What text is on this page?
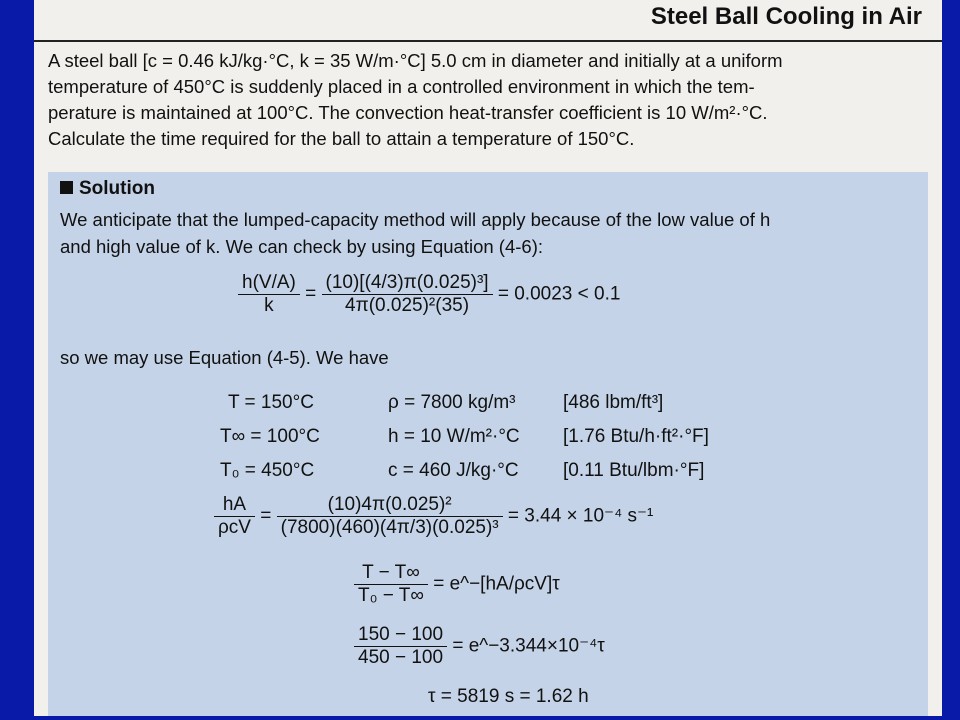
Steel Ball Cooling in Air
A steel ball [c = 0.46 kJ/kg·°C, k = 35 W/m·°C] 5.0 cm in diameter and initially at a uniform
temperature of 450°C is suddenly placed in a controlled environment in which the tem-
perature is maintained at 100°C. The convection heat-transfer coefficient is 10 W/m²·°C.
Calculate the time required for the ball to attain a temperature of 150°C.
Solution
We anticipate that the lumped-capacity method will apply because of the low value of h
and high value of k. We can check by using Equation (4-6):
$\frac{h(V/A)}{k} = \frac{\text{(10)[(4/3)π(0.025)³]}}{\text{4π(0.025)²(35)}} = 0.0023 < 0.1$
so we may use Equation (4-5). We have
T = 150°C	ρ = 7800 kg/m³ [486 lbm/ft³]
T∞ = 100°C	h = 10 W/m²·°C [1.76 Btu/h·ft²·°F]
T₀ = 450°C	c = 460 J/kg·°C [0.11 Btu/lbm·°F]
$\frac{hA}{\text{ρcV}} = \frac{\text{(10)4π(0.025)²}}{\text{(7800)(460)(4π/3)(0.025)³}} = 3.44 \times 10^{-4}$ s⁻¹
$\frac{T - T\infty}{\text{T₀ − T∞}}$ = e^−[hA/ρcV]τ
$\frac{150 - 100}{450 - 100}$ = e^−3.344×10⁻⁴τ
τ = 5819 s = 1.62 h
